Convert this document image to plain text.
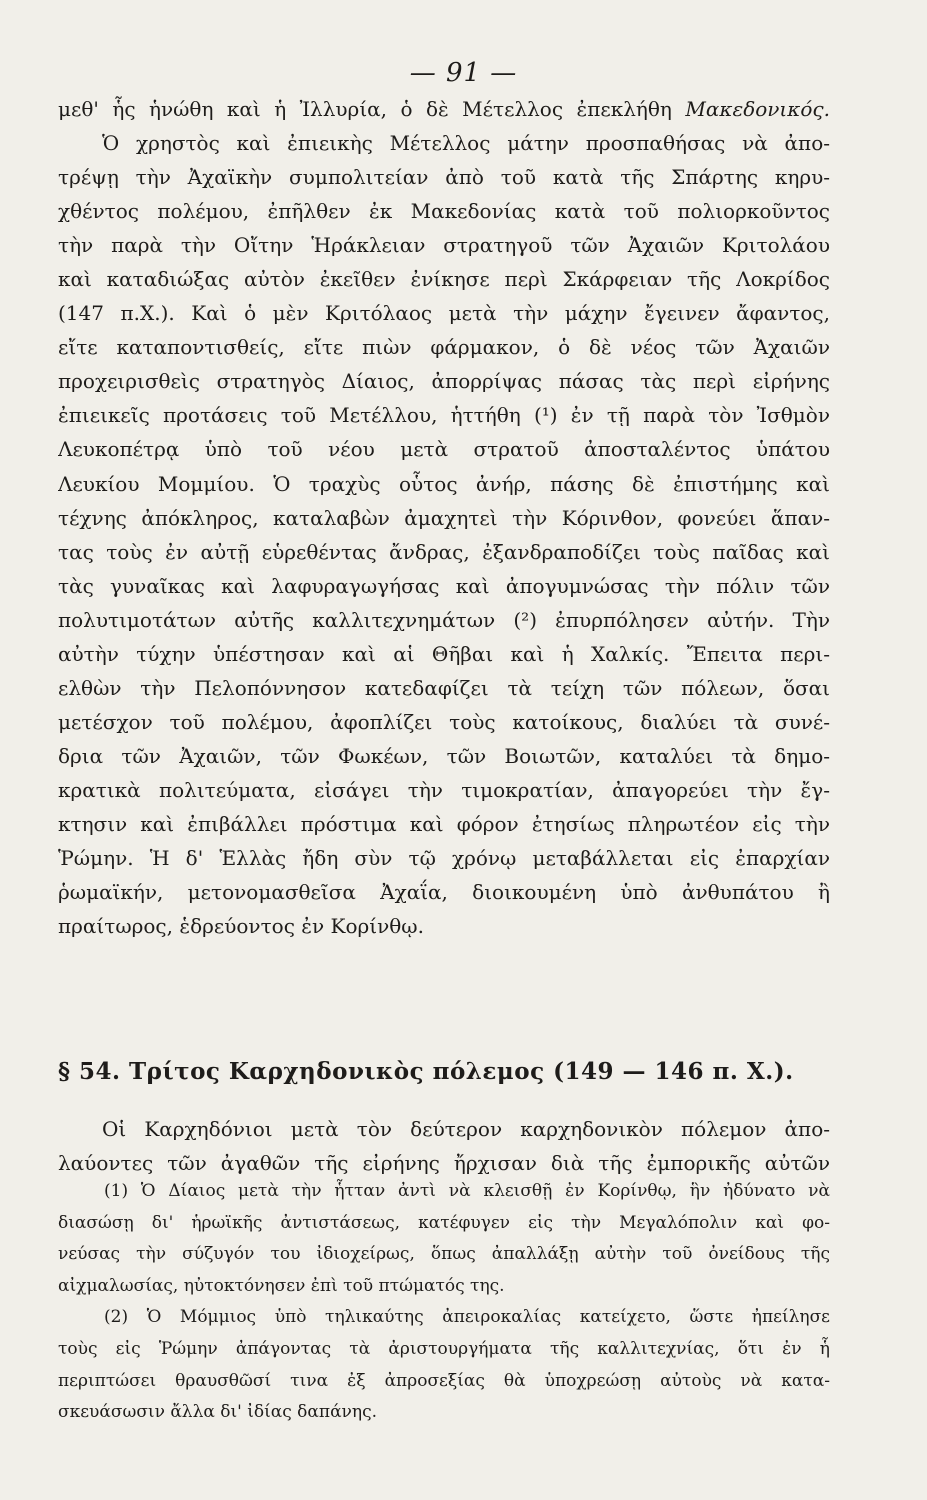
— 91 —
μεθ' ἧς ἡνώθη καὶ ἡ Ἰλλυρία, ὁ δὲ Μέτελλος ἐπεκλήθη Μακεδονικός.
Ὁ χρηστὸς καὶ ἐπιεικὴς Μέτελλος μάτην προσπαθήσας νὰ ἀπο-
τρέψῃ τὴν Ἀχαϊκὴν συμπολιτείαν ἀπὸ τοῦ κατὰ τῆς Σπάρτης κηρυ-
χθέντος πολέμου, ἐπῆλθεν ἐκ Μακεδονίας κατὰ τοῦ πολιορκοῦντος
τὴν παρὰ τὴν Οἴτην Ἡράκλειαν στρατηγοῦ τῶν Ἀχαιῶν Κριτολάου
καὶ καταδιώξας αὐτὸν ἐκεῖθεν ἐνίκησε περὶ Σκάρφειαν τῆς Λοκρίδος
(147 π.Χ.). Καὶ ὁ μὲν Κριτόλαος μετὰ τὴν μάχην ἔγεινεν ἄφαντος,
εἴτε καταποντισθείς, εἴτε πιὼν φάρμακον, ὁ δὲ νέος τῶν Ἀχαιῶν
προχειρισθεὶς στρατηγὸς Δίαιος, ἀπορρίψας πάσας τὰς περὶ εἰρήνης
ἐπιεικεῖς προτάσεις τοῦ Μετέλλου, ἡττήθη (¹) ἐν τῇ παρὰ τὸν Ἰσθμὸν
Λευκοπέτρᾳ ὑπὸ τοῦ νέου μετὰ στρατοῦ ἀποσταλέντος ὑπάτου
Λευκίου Μομμίου. Ὁ τραχὺς οὗτος ἀνήρ, πάσης δὲ ἐπιστήμης καὶ
τέχνης ἀπόκληρος, καταλαβὼν ἀμαχητεὶ τὴν Κόρινθον, φονεύει ἅπαν-
τας τοὺς ἐν αὐτῇ εὑρεθέντας ἄνδρας, ἐξανδραποδίζει τοὺς παῖδας καὶ
τὰς γυναῖκας καὶ λαφυραγωγήσας καὶ ἀπογυμνώσας τὴν πόλιν τῶν
πολυτιμοτάτων αὐτῆς καλλιτεχνημάτων (²) ἐπυρπόλησεν αὐτήν. Τὴν
αὐτὴν τύχην ὑπέστησαν καὶ αἱ Θῆβαι καὶ ἡ Χαλκίς. Ἔπειτα περι-
ελθὼν τὴν Πελοπόννησον κατεδαφίζει τὰ τείχη τῶν πόλεων, ὅσαι
μετέσχον τοῦ πολέμου, ἀφοπλίζει τοὺς κατοίκους, διαλύει τὰ συνέ-
δρια τῶν Ἀχαιῶν, τῶν Φωκέων, τῶν Βοιωτῶν, καταλύει τὰ δημο-
κρατικὰ πολιτεύματα, εἰσάγει τὴν τιμοκρατίαν, ἀπαγορεύει τὴν ἔγ-
κτησιν καὶ ἐπιβάλλει πρόστιμα καὶ φόρον ἐτησίως πληρωτέον εἰς τὴν
Ῥώμην. Ἡ δ' Ἑλλὰς ἤδη σὺν τῷ χρόνῳ μεταβάλλεται εἰς ἐπαρχίαν
ῥωμαϊκήν, μετονομασθεῖσα Ἀχαΐα, διοικουμένη ὑπὸ ἀνθυπάτου ἢ
πραίτωρος, ἑδρεύοντος ἐν Κορίνθῳ.
§ 54. Τρίτος Καρχηδονικὸς πόλεμος (149 — 146 π. Χ.).
Οἱ Καρχηδόνιοι μετὰ τὸν δεύτερον καρχηδονικὸν πόλεμον ἀπο-
λαύοντες τῶν ἀγαθῶν τῆς εἰρήνης ἤρχισαν διὰ τῆς ἐμπορικῆς αὐτῶν
(1) Ὁ Δίαιος μετὰ τὴν ἧτταν ἀντὶ νὰ κλεισθῇ ἐν Κορίνθῳ, ἣν ἠδύνατο νὰ
διασώσῃ δι' ἡρωϊκῆς ἀντιστάσεως, κατέφυγεν εἰς τὴν Μεγαλόπολιν καὶ φο-
νεύσας τὴν σύζυγόν του ἰδιοχείρως, ὅπως ἀπαλλάξῃ αὐτὴν τοῦ ὀνείδους τῆς
αἰχμαλωσίας, ηὐτοκτόνησεν ἐπὶ τοῦ πτώματός της.
(2) Ὁ Μόμμιος ὑπὸ τηλικαύτης ἀπειροκαλίας κατείχετο, ὥστε ἠπείλησε
τοὺς εἰς Ῥώμην ἀπάγοντας τὰ ἀριστουργήματα τῆς καλλιτεχνίας, ὅτι ἐν ἧ
περιπτώσει θραυσθῶσί τινα ἐξ ἀπροσεξίας θὰ ὑποχρεώσῃ αὐτοὺς νὰ κατα-
σκευάσωσιν ἄλλα δι' ἰδίας δαπάνης.
